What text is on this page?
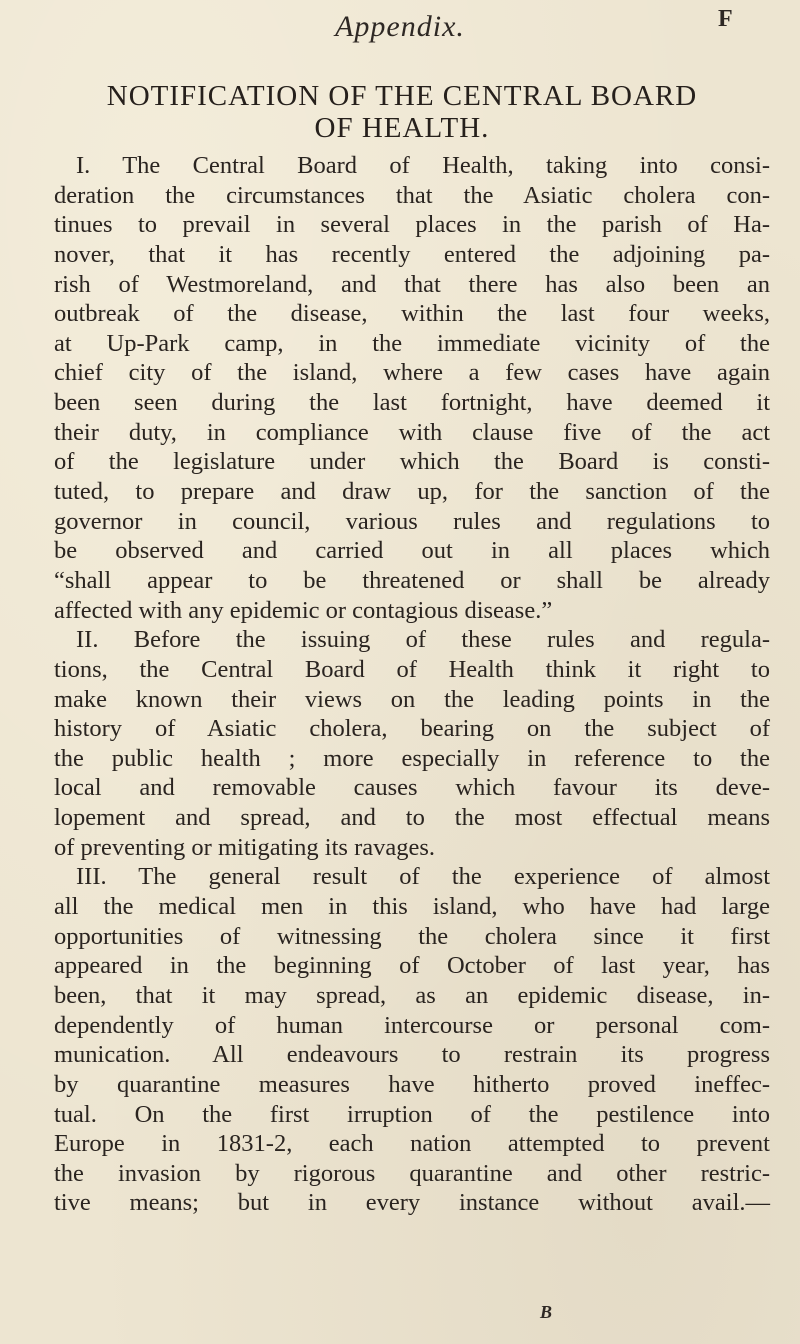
Appendix.	F
NOTIFICATION OF THE CENTRAL BOARD
OF HEALTH.
I. The Central Board of Health, taking into consi-
deration the circumstances that the Asiatic cholera con-
tinues to prevail in several places in the parish of Ha-
nover, that it has recently entered the adjoining pa-
rish of Westmoreland, and that there has also been an
outbreak of the disease, within the last four weeks,
at Up-Park camp, in the immediate vicinity of the
chief city of the island, where a few cases have again
been seen during the last fortnight, have deemed it
their duty, in compliance with clause five of the act
of the legislature under which the Board is consti-
tuted, to prepare and draw up, for the sanction of the
governor in council, various rules and regulations to
be observed and carried out in all places which
“shall appear to be threatened or shall be already
affected with any epidemic or contagious disease.”
II. Before the issuing of these rules and regula-
tions, the Central Board of Health think it right to
make known their views on the leading points in the
history of Asiatic cholera, bearing on the subject of
the public health ; more especially in reference to the
local and removable causes which favour its deve-
lopement and spread, and to the most effectual means
of preventing or mitigating its ravages.
III. The general result of the experience of almost
all the medical men in this island, who have had large
opportunities of witnessing the cholera since it first
appeared in the beginning of October of last year, has
been, that it may spread, as an epidemic disease, in-
dependently of human intercourse or personal com-
munication. All endeavours to restrain its progress
by quarantine measures have hitherto proved ineffec-
tual. On the first irruption of the pestilence into
Europe in 1831-2, each nation attempted to prevent
the invasion by rigorous quarantine and other restric-
tive means; but in every instance without avail.—
B
